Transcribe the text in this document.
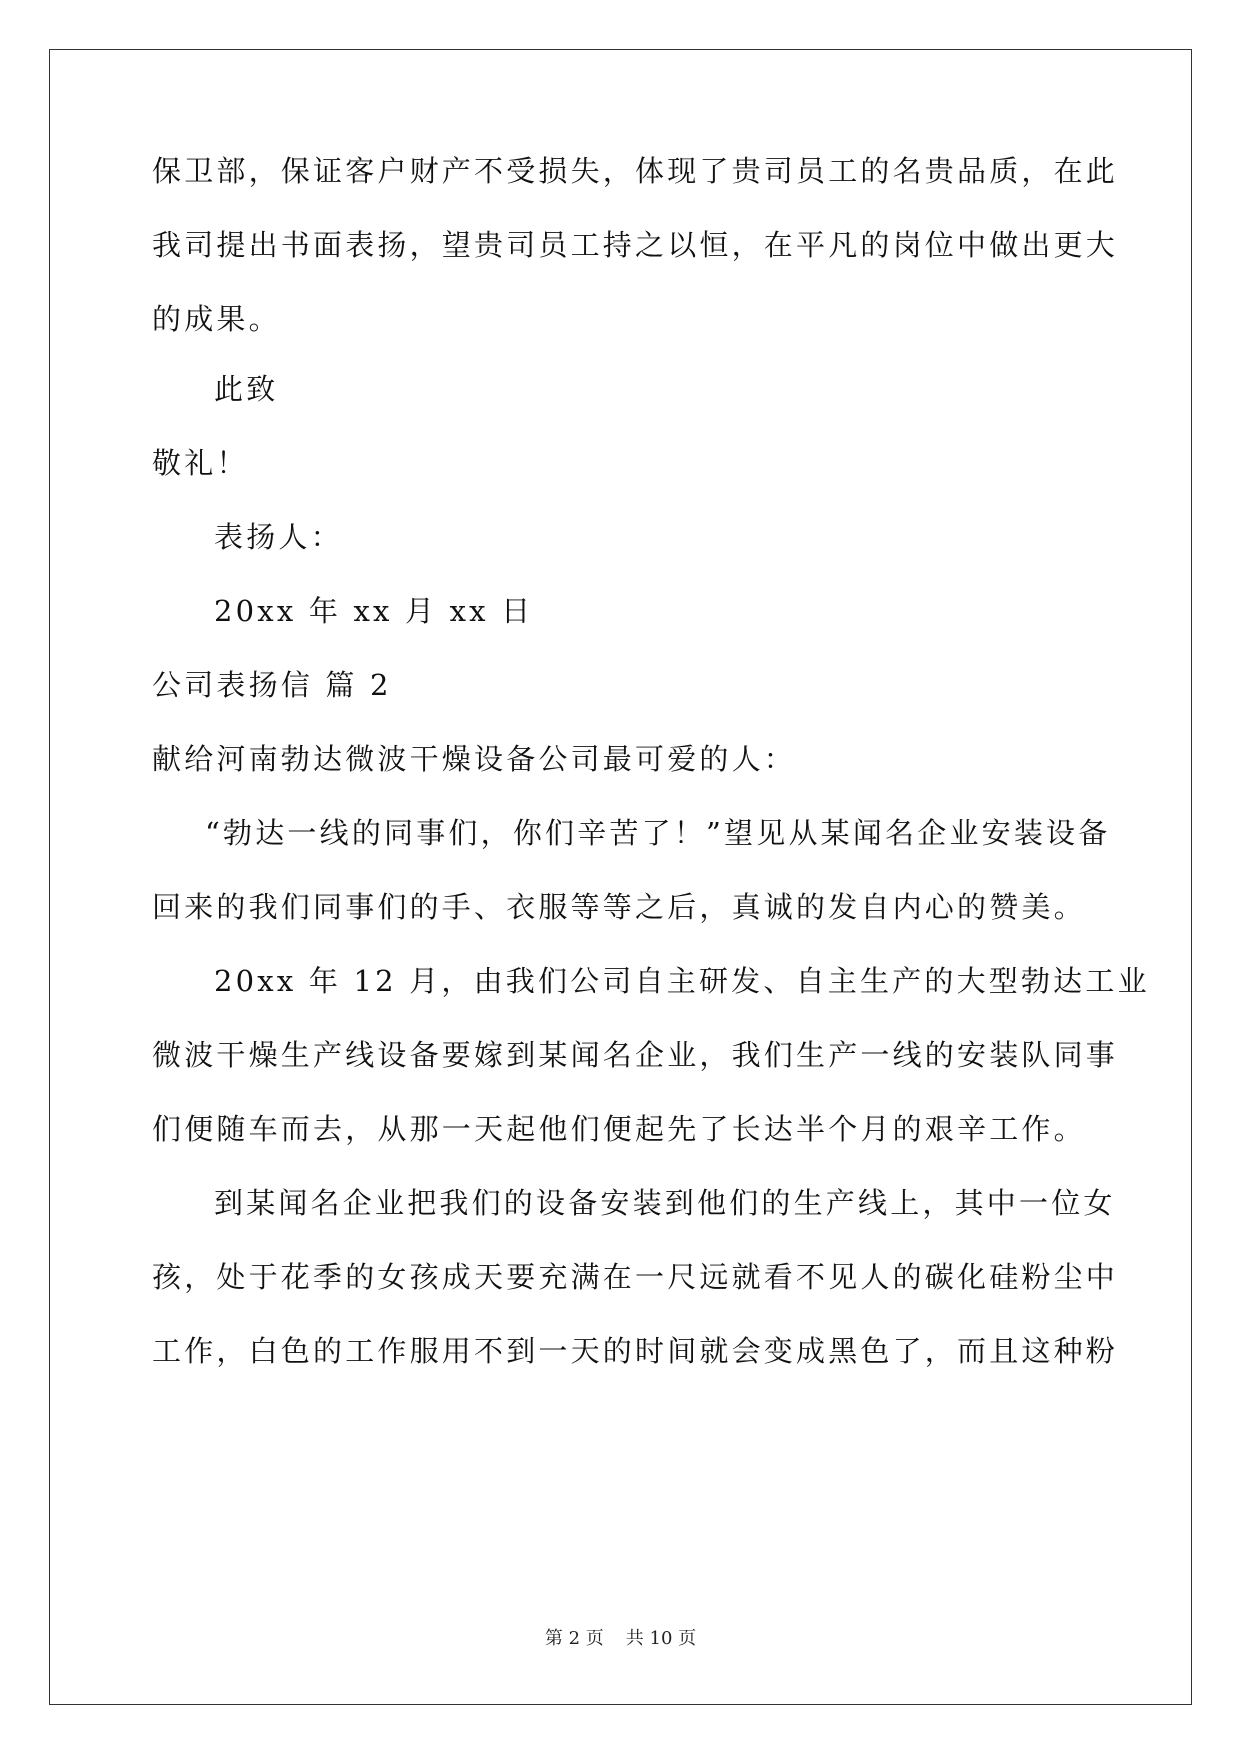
保卫部，保证客户财产不受损失，体现了贵司员工的名贵品质，在此
我司提出书面表扬，望贵司员工持之以恒，在平凡的岗位中做出更大
的成果。
此致
敬礼！
表扬人：
20xx 年 xx 月 xx 日
公司表扬信 篇 2
献给河南勃达微波干燥设备公司最可爱的人：
“勃达一线的同事们，你们辛苦了！”望见从某闻名企业安装设备
回来的我们同事们的手、衣服等等之后，真诚的发自内心的赞美。
20xx 年 12 月，由我们公司自主研发、自主生产的大型勃达工业
微波干燥生产线设备要嫁到某闻名企业，我们生产一线的安装队同事
们便随车而去，从那一天起他们便起先了长达半个月的艰辛工作。
到某闻名企业把我们的设备安装到他们的生产线上，其中一位女
孩，处于花季的女孩成天要充满在一尺远就看不见人的碳化硅粉尘中
工作，白色的工作服用不到一天的时间就会变成黑色了，而且这种粉
第 2 页 共 10 页
